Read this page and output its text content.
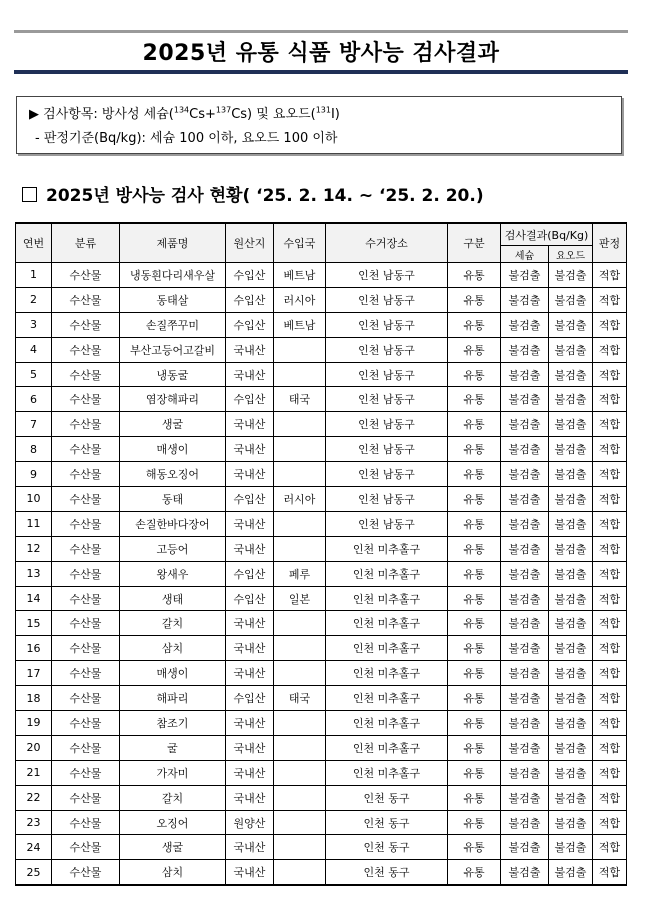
2025년 유통 식품 방사능 검사결과
▶ 검사항목: 방사성 세슘($^{134}$Cs+$^{137}$Cs) 및 요오드($^{131}$I)
- 판정기준(Bq/kg): 세슘 100 이하, 요오드 100 이하
2025년 방사능 검사 현황( ‘25. 2. 14. ~ ‘25. 2. 20.)
연번	분류	제품명	원산지	수입국	수거장소	구분	검사결과(Bq/Kg)		판정
							세슘	요오드	
1	수산물	냉동흰다리새우살	수입산	베트남	인천 남동구	유통	불검출	불검출	적합
2	수산물	동태살	수입산	러시아	인천 남동구	유통	불검출	불검출	적합
3	수산물	손질쭈꾸미	수입산	베트남	인천 남동구	유통	불검출	불검출	적합
4	수산물	부산고등어고갈비	국내산		인천 남동구	유통	불검출	불검출	적합
5	수산물	냉동굴	국내산		인천 남동구	유통	불검출	불검출	적합
6	수산물	염장해파리	수입산	태국	인천 남동구	유통	불검출	불검출	적합
7	수산물	생굴	국내산		인천 남동구	유통	불검출	불검출	적합
8	수산물	매생이	국내산		인천 남동구	유통	불검출	불검출	적합
9	수산물	해동오징어	국내산		인천 남동구	유통	불검출	불검출	적합
10	수산물	동태	수입산	러시아	인천 남동구	유통	불검출	불검출	적합
11	수산물	손질한바다장어	국내산		인천 남동구	유통	불검출	불검출	적합
12	수산물	고등어	국내산		인천 미추홀구	유통	불검출	불검출	적합
13	수산물	왕새우	수입산	페루	인천 미추홀구	유통	불검출	불검출	적합
14	수산물	생태	수입산	일본	인천 미추홀구	유통	불검출	불검출	적합
15	수산물	갈치	국내산		인천 미추홀구	유통	불검출	불검출	적합
16	수산물	삼치	국내산		인천 미추홀구	유통	불검출	불검출	적합
17	수산물	매생이	국내산		인천 미추홀구	유통	불검출	불검출	적합
18	수산물	해파리	수입산	태국	인천 미추홀구	유통	불검출	불검출	적합
19	수산물	참조기	국내산		인천 미추홀구	유통	불검출	불검출	적합
20	수산물	굴	국내산		인천 미추홀구	유통	불검출	불검출	적합
21	수산물	가자미	국내산		인천 미추홀구	유통	불검출	불검출	적합
22	수산물	갈치	국내산		인천 동구	유통	불검출	불검출	적합
23	수산물	오징어	원양산		인천 동구	유통	불검출	불검출	적합
24	수산물	생굴	국내산		인천 동구	유통	불검출	불검출	적합
25	수산물	삼치	국내산		인천 동구	유통	불검출	불검출	적합
